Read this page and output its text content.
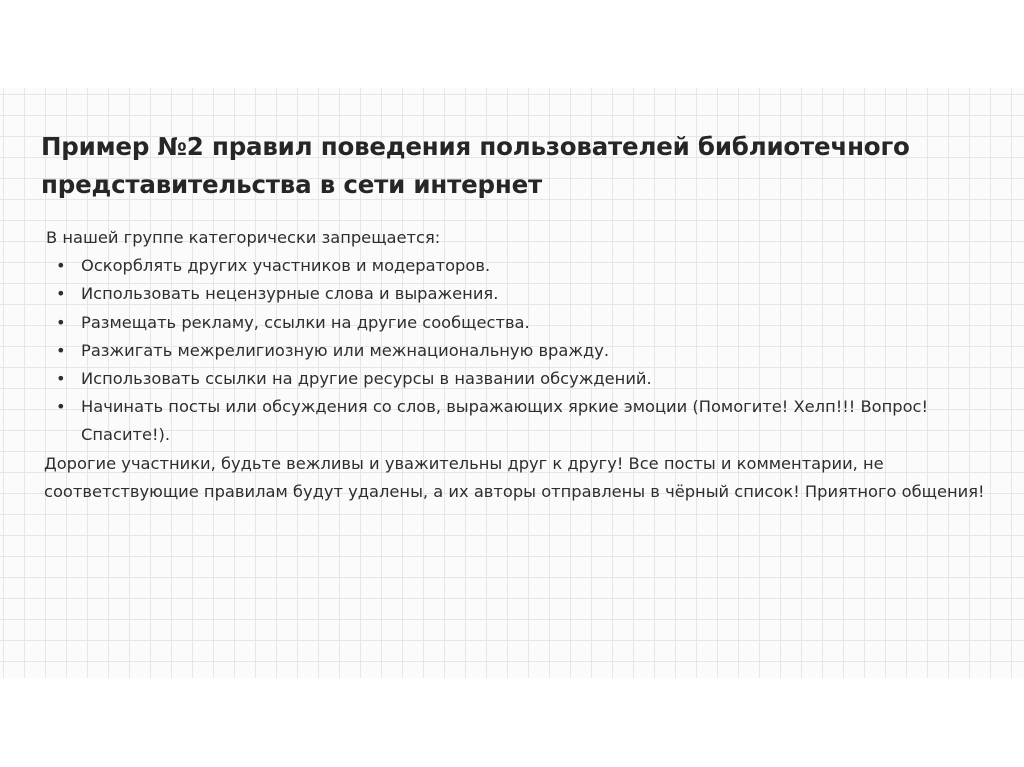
Пример №2 правил поведения пользователей библиотечного представительства в сети интернет

В нашей группе категорически запрещается:

• Оскорблять других участников и модераторов.
• Использовать нецензурные слова и выражения.
• Размещать рекламу, ссылки на другие сообщества.
• Разжигать межрелигиозную или межнациональную вражду.
• Использовать ссылки на другие ресурсы в названии обсуждений.
• Начинать посты или обсуждения со слов, выражающих яркие эмоции (Помогите! Хелп!!! Вопрос! Спасите!).

Дорогие участники, будьте вежливы и уважительны друг к другу! Все посты и комментарии, не соответствующие правилам будут удалены, а их авторы отправлены в чёрный список! Приятного общения!
